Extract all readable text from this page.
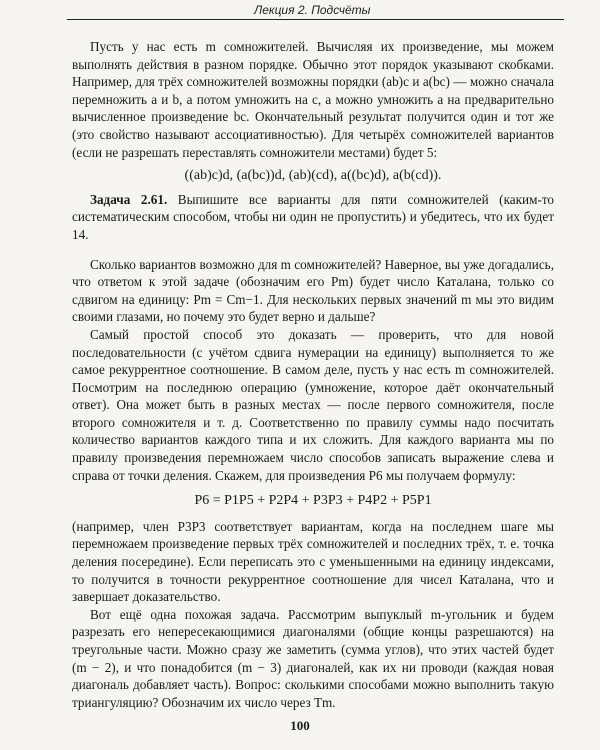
Лекция 2. Подсчёты

Пусть у нас есть m сомножителей. Вычисляя их произведение, мы можем выполнять действия в разном порядке. Обычно этот порядок указывают скобками. Например, для трёх сомножителей возможны порядки (ab)c и a(bc) — можно сначала перемножить a и b, а потом умножить на c, а можно умножить a на предварительно вычисленное произведение bc. Окончательный результат получится один и тот же (это свойство называют ассоциативностью). Для четырёх сомножителей вариантов (если не разрешать переставлять сомножители местами) будет 5:

((ab)c)d, (a(bc))d, (ab)(cd), a((bc)d), a(b(cd)).

Задача 2.61. Выпишите все варианты для пяти сомножителей (каким-то систематическим способом, чтобы ни один не пропустить) и убедитесь, что их будет 14.

Сколько вариантов возможно для m сомножителей? Наверное, вы уже догадались, что ответом к этой задаче (обозначим его Pm) будет число Каталана, только со сдвигом на единицу: Pm = Cm−1. Для нескольких первых значений m мы это видим своими глазами, но почему это будет верно и дальше?

Самый простой способ это доказать — проверить, что для новой последовательности (с учётом сдвига нумерации на единицу) выполняется то же самое рекуррентное соотношение. В самом деле, пусть у нас есть m сомножителей. Посмотрим на последнюю операцию (умножение, которое даёт окончательный ответ). Она может быть в разных местах — после первого сомножителя, после второго сомножителя и т. д. Соответственно по правилу суммы надо посчитать количество вариантов каждого типа и их сложить. Для каждого варианта мы по правилу произведения перемножаем число способов записать выражение слева и справа от точки деления. Скажем, для произведения P6 мы получаем формулу:

P6 = P1P5 + P2P4 + P3P3 + P4P2 + P5P1

(например, член P3P3 соответствует вариантам, когда на последнем шаге мы перемножаем произведение первых трёх сомножителей и последних трёх, т. е. точка деления посередине). Если переписать это с уменьшенными на единицу индексами, то получится в точности рекуррентное соотношение для чисел Каталана, что и завершает доказательство.

Вот ещё одна похожая задача. Рассмотрим выпуклый m-угольник и будем разрезать его непересекающимися диагоналями (общие концы разрешаются) на треугольные части. Можно сразу же заметить (сумма углов), что этих частей будет (m − 2), и что понадобится (m − 3) диагоналей, как их ни проводи (каждая новая диагональ добавляет часть). Вопрос: сколькими способами можно выполнить такую триангуляцию? Обозначим их число через Tm.

100
